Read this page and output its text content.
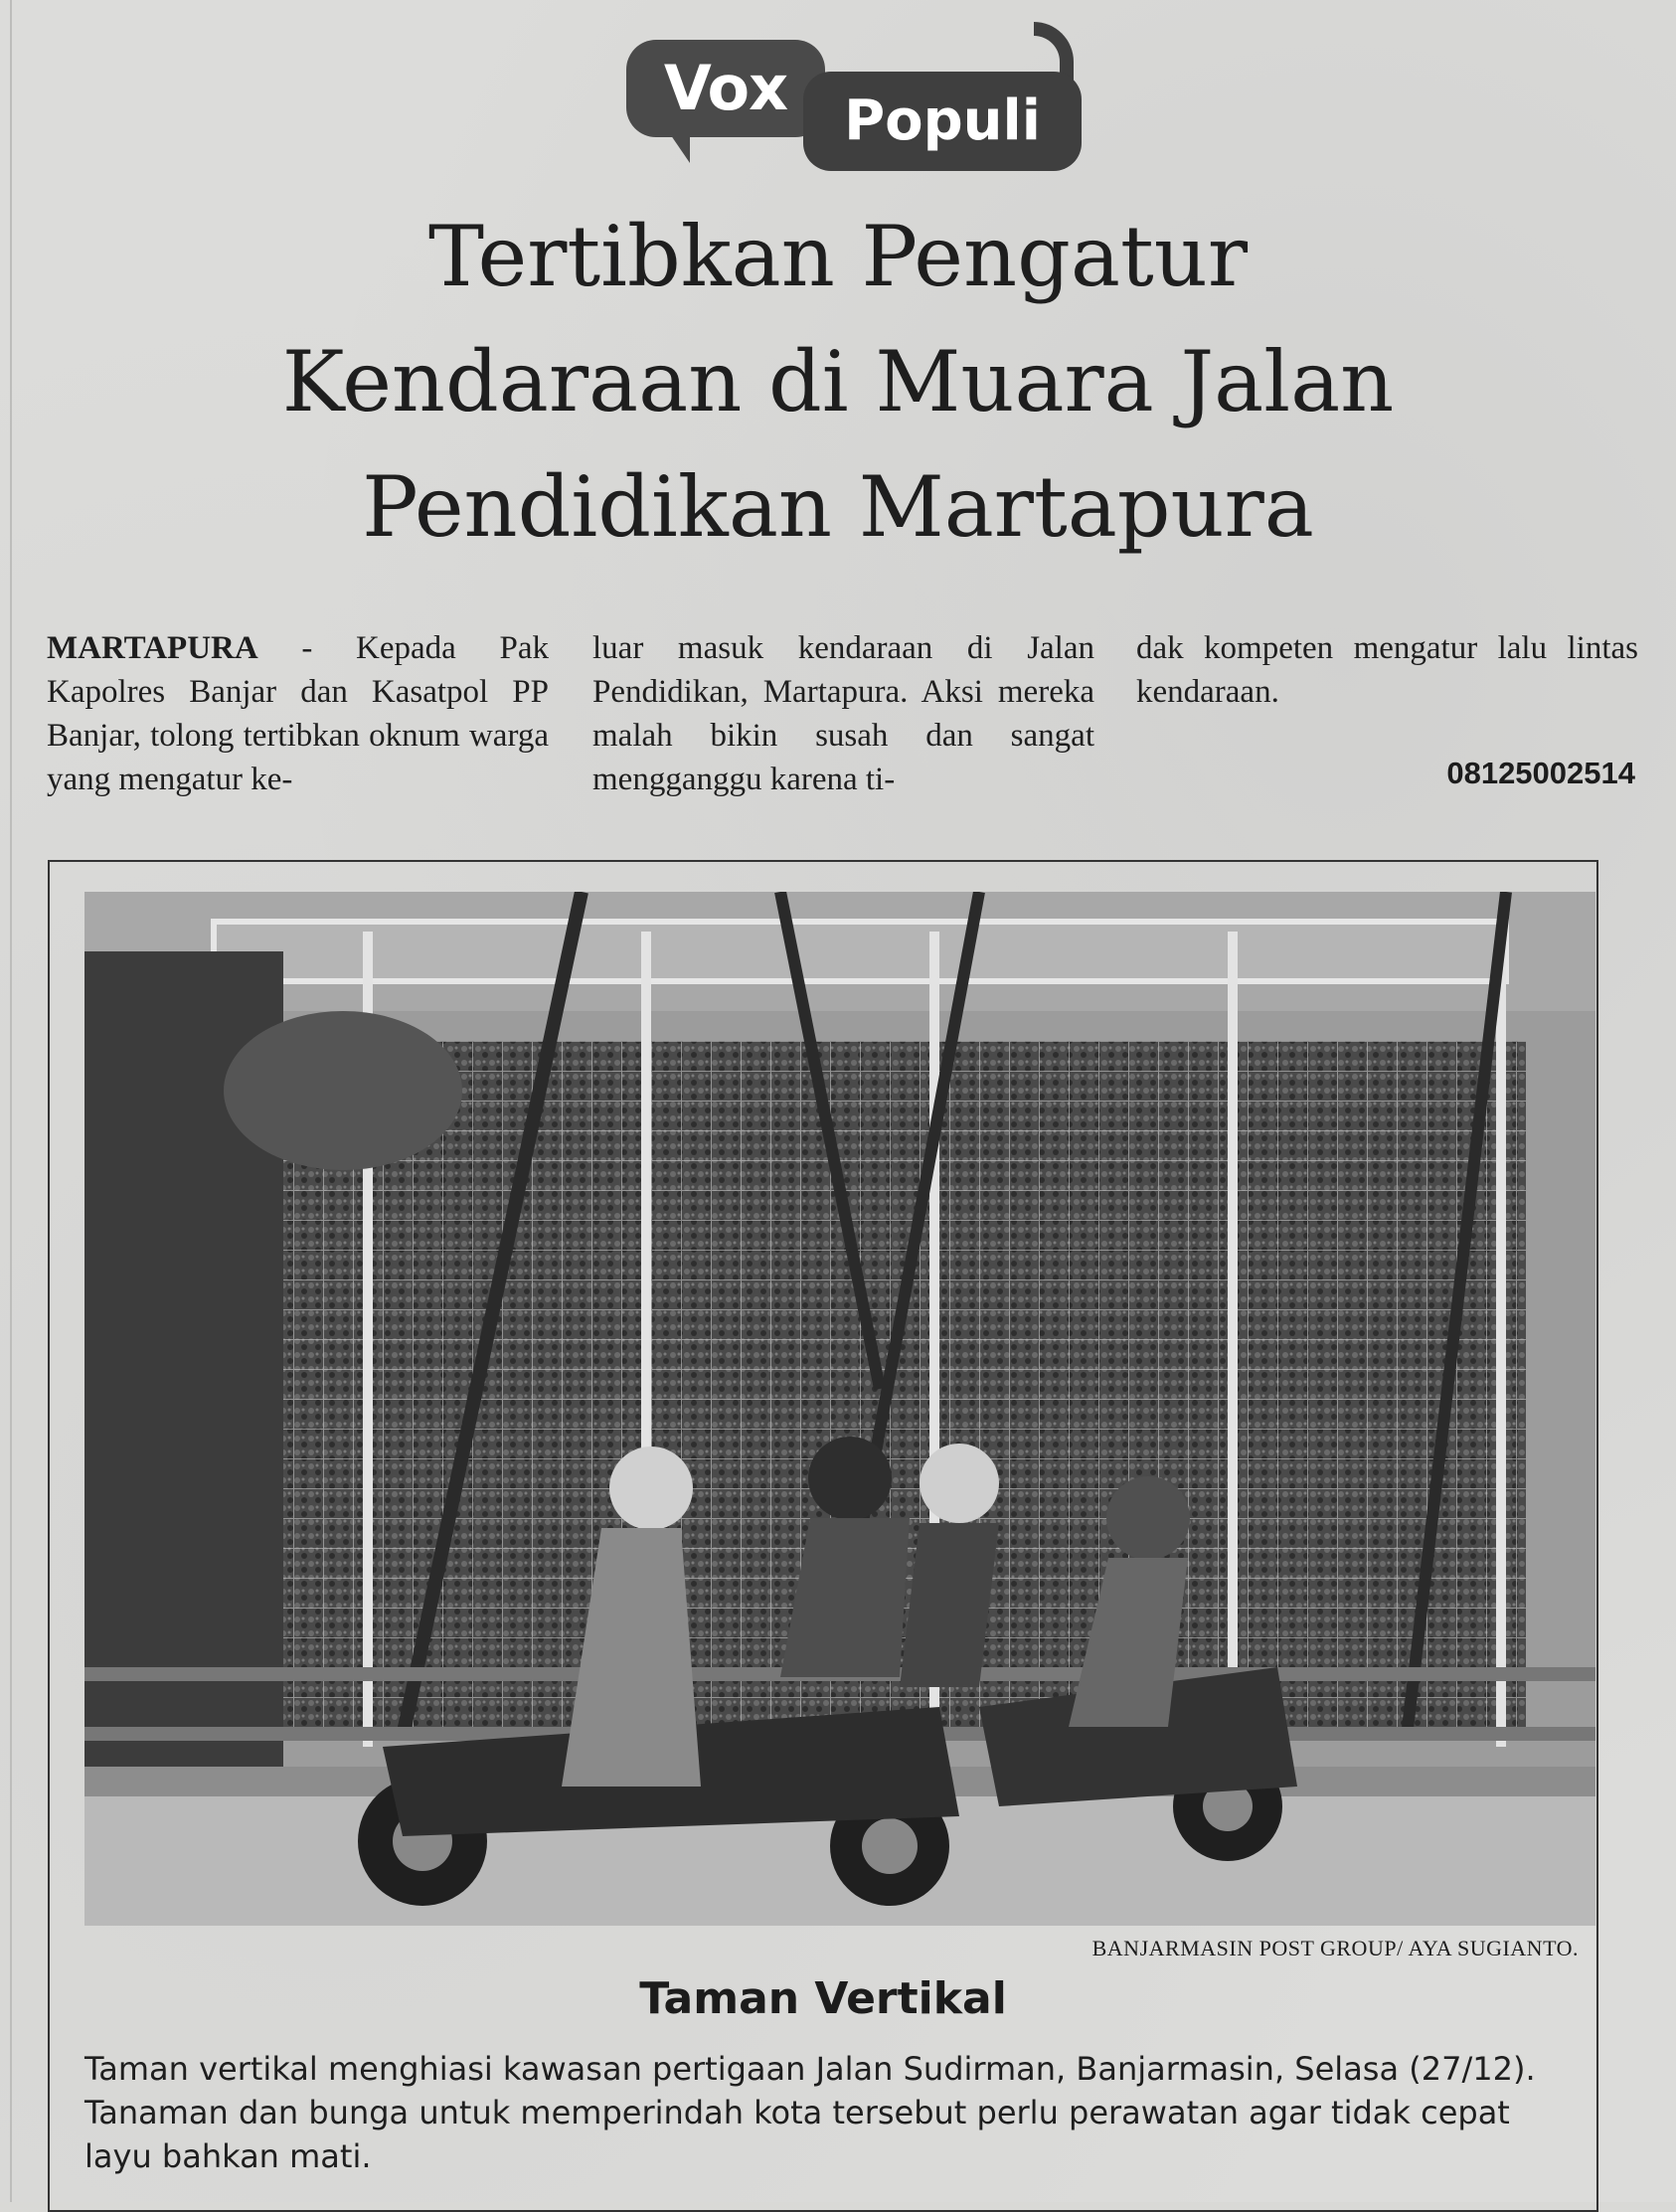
Vox	Populi
Tertibkan Pengatur
Kendaraan di Muara Jalan
Pendidikan Martapura
MARTAPURA - Kepada Pak Kapolres Banjar dan Kasatpol PP Banjar, tolong tertibkan oknum warga yang mengatur ke-
luar masuk kendaraan di Jalan Pendidikan, Martapura. Aksi mereka malah bikin susah dan sangat mengganggu karena ti-
dak kompeten mengatur lalu lintas kendaraan.
08125002514
BANJARMASIN POST GROUP/ AYA SUGIANTO.
Taman Vertikal
Taman vertikal menghiasi kawasan pertigaan Jalan Sudirman, Banjarmasin, Selasa (27/12). Tanaman dan bunga untuk memperindah kota tersebut perlu perawatan agar tidak cepat layu bahkan mati.
